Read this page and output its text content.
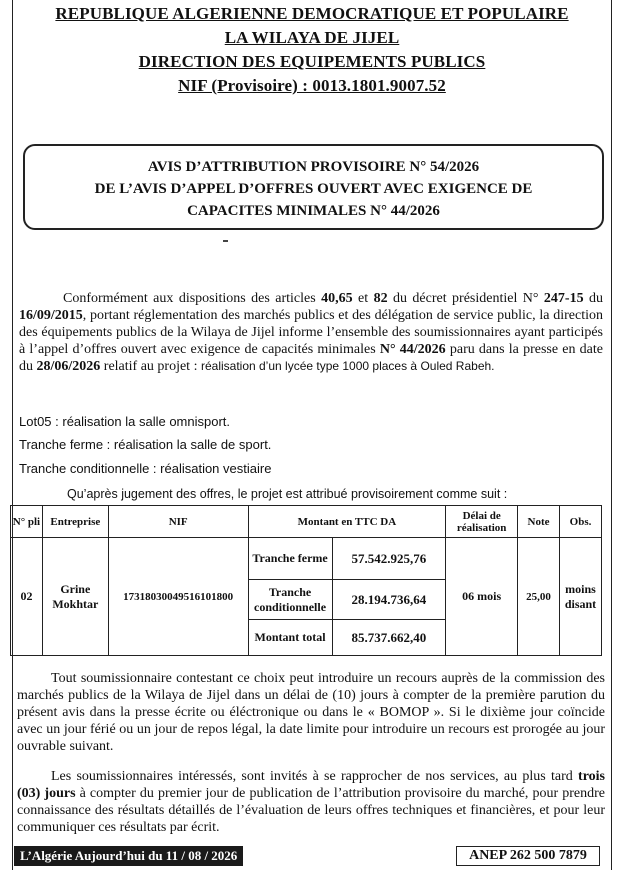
REPUBLIQUE ALGERIENNE DEMOCRATIQUE ET POPULAIRE
LA WILAYA DE JIJEL
DIRECTION DES EQUIPEMENTS PUBLICS
NIF (Provisoire) : 0013.1801.9007.52
AVIS D’ATTRIBUTION PROVISOIRE N° 54/2026
DE L’AVIS D’APPEL D’OFFRES OUVERT AVEC EXIGENCE DE
CAPACITES MINIMALES N° 44/2026
Conformément aux dispositions des articles 40,65 et 82 du décret présidentiel N° 247-15 du 16/09/2015, portant réglementation des marchés publics et des délégation de service public, la direction des équipements publics de la Wilaya de Jijel informe l’ensemble des soumissionnaires ayant participés à l’appel d’offres ouvert avec exigence de capacités minimales N° 44/2026 paru dans la presse en date du 28/06/2026 relatif au projet : réalisation d’un lycée type 1000 places à Ouled Rabeh.
Lot05 : réalisation la salle omnisport.
Tranche ferme : réalisation la salle de sport.
Tranche conditionnelle : réalisation vestiaire
Qu’après jugement des offres, le projet est attribué provisoirement comme suit :
N° pli	Entreprise	NIF	Montant en TTC DA		Délai de réalisation	Note	Obs.
02	Grine Mokhtar	17318030049516101800	Tranche ferme	57.542.925,76	06 mois	25,00	moins disant
			Tranche conditionnelle	28.194.736,64			
			Montant total	85.737.662,40			
Tout soumissionnaire contestant ce choix peut introduire un recours auprès de la commission des marchés publics de la Wilaya de Jijel dans un délai de (10) jours à compter de la première parution du présent avis dans la presse écrite ou éléctronique ou dans le « BOMOP ». Si le dixième jour coïncide avec un jour férié ou un jour de repos légal, la date limite pour introduire un recours est prorogée au jour ouvrable suivant.
Les soumissionnaires intéressés, sont invités à se rapprocher de nos services, au plus tard trois (03) jours à compter du premier jour de publication de l’attribution provisoire du marché, pour prendre connaissance des résultats détaillés de l’évaluation de leurs offres techniques et financières, et pour leur communiquer ces résultats par écrit.
L’Algérie Aujourd’hui du 11 / 08 / 2026	ANEP 262 500 7879
